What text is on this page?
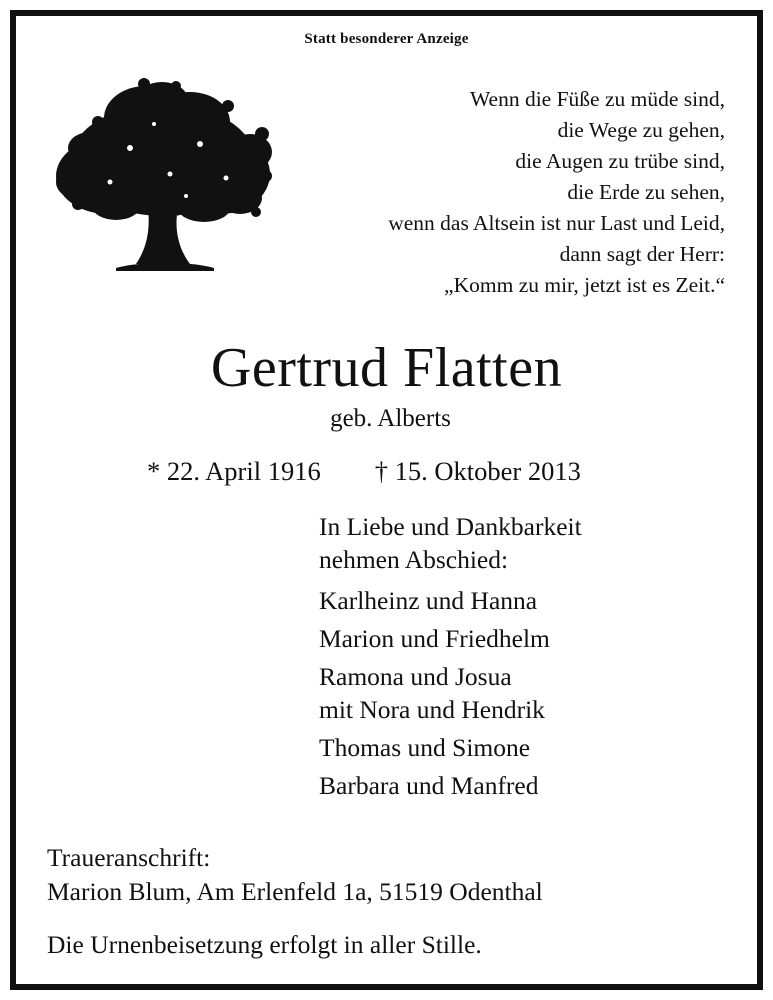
Statt besonderer Anzeige
Wenn die Füße zu müde sind,
die Wege zu gehen,
die Augen zu trübe sind,
die Erde zu sehen,
wenn das Altsein ist nur Last und Leid,
dann sagt der Herr:
„Komm zu mir, jetzt ist es Zeit.“
Gertrud Flatten
geb. Alberts
* 22. April 1916 † 15. Oktober 2013
In Liebe und Dankbarkeit
nehmen Abschied:
Karlheinz und Hanna
Marion und Friedhelm
Ramona und Josua
mit Nora und Hendrik
Thomas und Simone
Barbara und Manfred
Traueranschrift:
Marion Blum, Am Erlenfeld 1a, 51519 Odenthal
Die Urnenbeisetzung erfolgt in aller Stille.
